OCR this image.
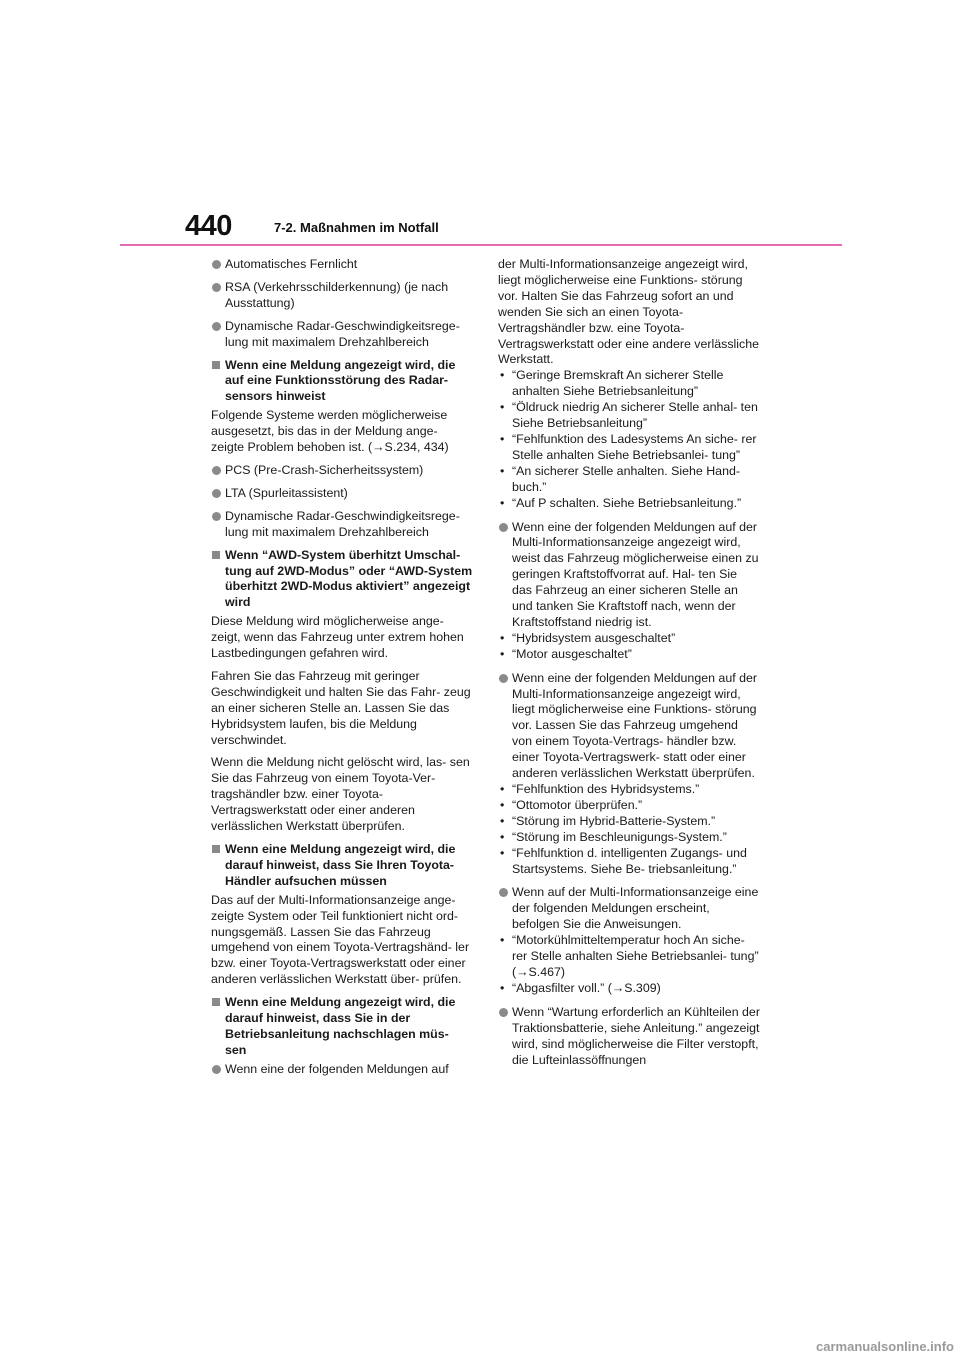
440	7-2. Maßnahmen im Notfall
Automatisches Fernlicht
RSA (Verkehrsschilderkennung) (je nach Ausstattung)
Dynamische Radar-Geschwindigkeitsrege- lung mit maximalem Drehzahlbereich
Wenn eine Meldung angezeigt wird, die auf eine Funktionsstörung des Radar- sensors hinweist
Folgende Systeme werden möglicherweise ausgesetzt, bis das in der Meldung ange- zeigte Problem behoben ist. (→S.234, 434)
PCS (Pre-Crash-Sicherheitssystem)
LTA (Spurleitassistent)
Dynamische Radar-Geschwindigkeitsrege- lung mit maximalem Drehzahlbereich
Wenn “AWD-System überhitzt Umschal- tung auf 2WD-Modus” oder “AWD-System überhitzt 2WD-Modus aktiviert” angezeigt wird
Diese Meldung wird möglicherweise ange- zeigt, wenn das Fahrzeug unter extrem hohen Lastbedingungen gefahren wird.
Fahren Sie das Fahrzeug mit geringer Geschwindigkeit und halten Sie das Fahr- zeug an einer sicheren Stelle an. Lassen Sie das Hybridsystem laufen, bis die Meldung verschwindet.
Wenn die Meldung nicht gelöscht wird, las- sen Sie das Fahrzeug von einem Toyota-Ver- tragshändler bzw. einer Toyota-Vertragswerkstatt oder einer anderen verlässlichen Werkstatt überprüfen.
Wenn eine Meldung angezeigt wird, die darauf hinweist, dass Sie Ihren Toyota-Händler aufsuchen müssen
Das auf der Multi-Informationsanzeige ange- zeigte System oder Teil funktioniert nicht ord- nungsgemäß. Lassen Sie das Fahrzeug umgehend von einem Toyota-Vertragshänd- ler bzw. einer Toyota-Vertragswerkstatt oder einer anderen verlässlichen Werkstatt über- prüfen.
Wenn eine Meldung angezeigt wird, die darauf hinweist, dass Sie in der Betriebsanleitung nachschlagen müs- sen
Wenn eine der folgenden Meldungen auf
der Multi-Informationsanzeige angezeigt wird, liegt möglicherweise eine Funktions- störung vor. Halten Sie das Fahrzeug sofort an und wenden Sie sich an einen Toyota-Vertragshändler bzw. eine Toyota-Vertragswerkstatt oder eine andere verlässliche Werkstatt.
• “Geringe Bremskraft An sicherer Stelle anhalten Siehe Betriebsanleitung”
• “Öldruck niedrig An sicherer Stelle anhal- ten Siehe Betriebsanleitung”
• “Fehlfunktion des Ladesystems An siche- rer Stelle anhalten Siehe Betriebsanlei- tung”
• “An sicherer Stelle anhalten. Siehe Hand- buch.”
• “Auf P schalten. Siehe Betriebsanleitung.”
Wenn eine der folgenden Meldungen auf der Multi-Informationsanzeige angezeigt wird, weist das Fahrzeug möglicherweise einen zu geringen Kraftstoffvorrat auf. Hal- ten Sie das Fahrzeug an einer sicheren Stelle an und tanken Sie Kraftstoff nach, wenn der Kraftstoffstand niedrig ist.
• “Hybridsystem ausgeschaltet”
• “Motor ausgeschaltet”
Wenn eine der folgenden Meldungen auf der Multi-Informationsanzeige angezeigt wird, liegt möglicherweise eine Funktions- störung vor. Lassen Sie das Fahrzeug umgehend von einem Toyota-Vertrags- händler bzw. einer Toyota-Vertragswerk- statt oder einer anderen verlässlichen Werkstatt überprüfen.
• “Fehlfunktion des Hybridsystems.”
• “Ottomotor überprüfen.”
• “Störung im Hybrid-Batterie-System.”
• “Störung im Beschleunigungs-System.”
• “Fehlfunktion d. intelligenten Zugangs- und Startsystems. Siehe Be- triebsanleitung.”
Wenn auf der Multi-Informationsanzeige eine der folgenden Meldungen erscheint, befolgen Sie die Anweisungen.
• “Motorkühlmitteltemperatur hoch An siche- rer Stelle anhalten Siehe Betriebsanlei- tung” (→S.467)
• “Abgasfilter voll.” (→S.309)
Wenn “Wartung erforderlich an Kühlteilen der Traktionsbatterie, siehe Anleitung.” angezeigt wird, sind möglicherweise die Filter verstopft, die Lufteinlassöffnungen
carmanualsonline.info
